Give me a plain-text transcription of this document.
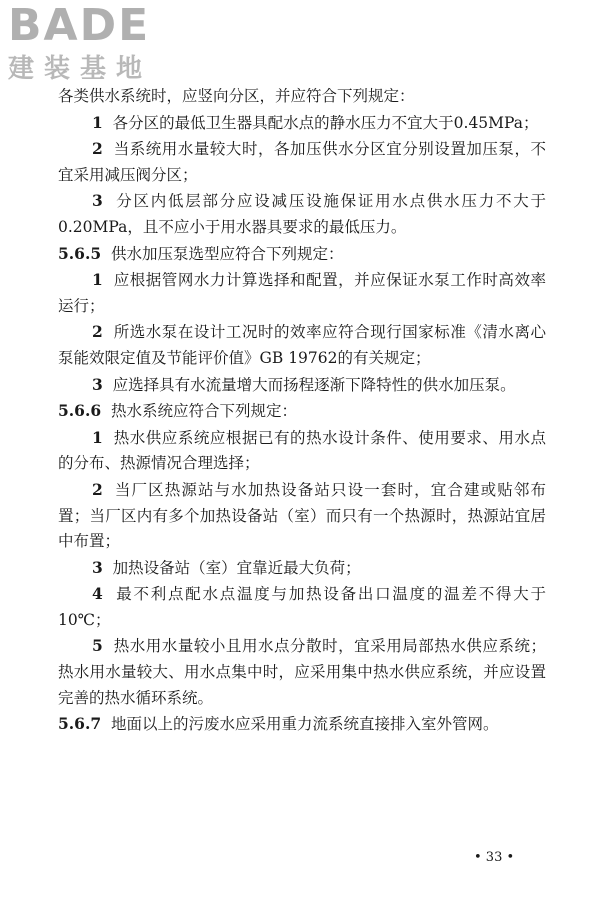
BADE
建装基地
各类供水系统时，应竖向分区，并应符合下列规定：
1 各分区的最低卫生器具配水点的静水压力不宜大于0.45MPa；
2 当系统用水量较大时，各加压供水分区宜分别设置加压泵，不宜采用减压阀分区；
3 分区内低层部分应设减压设施保证用水点供水压力不大于0.20MPa，且不应小于用水器具要求的最低压力。
5.6.5 供水加压泵选型应符合下列规定：
1 应根据管网水力计算选择和配置，并应保证水泵工作时高效率运行；
2 所选水泵在设计工况时的效率应符合现行国家标准《清水离心泵能效限定值及节能评价值》GB 19762的有关规定；
3 应选择具有水流量增大而扬程逐渐下降特性的供水加压泵。
5.6.6 热水系统应符合下列规定：
1 热水供应系统应根据已有的热水设计条件、使用要求、用水点的分布、热源情况合理选择；
2 当厂区热源站与水加热设备站只设一套时，宜合建或贴邻布置；当厂区内有多个加热设备站（室）而只有一个热源时，热源站宜居中布置；
3 加热设备站（室）宜靠近最大负荷；
4 最不利点配水点温度与加热设备出口温度的温差不得大于10℃；
5 热水用水量较小且用水点分散时，宜采用局部热水供应系统；热水用水量较大、用水点集中时，应采用集中热水供应系统，并应设置完善的热水循环系统。
5.6.7 地面以上的污废水应采用重力流系统直接排入室外管网。
• 33 •
